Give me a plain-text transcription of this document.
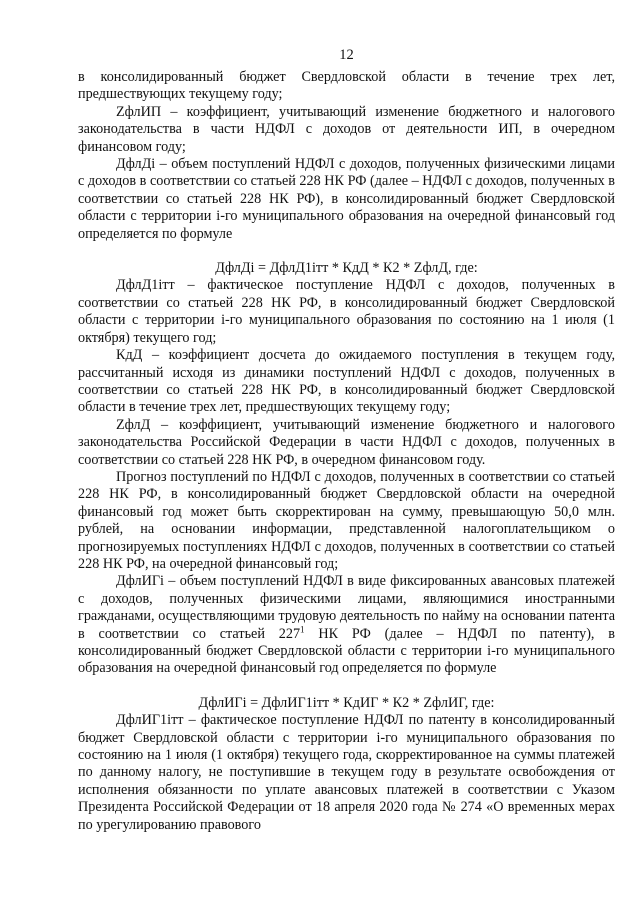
12

в консолидированный бюджет Свердловской области в течение трех лет, предшествующих текущему году;

ZфлИП – коэффициент, учитывающий изменение бюджетного и налогового законодательства в части НДФЛ с доходов от деятельности ИП, в очередном финансовом году;

ДфлДi – объем поступлений НДФЛ с доходов, полученных физическими лицами с доходов в соответствии со статьей 228 НК РФ (далее – НДФЛ с доходов, полученных в соответствии со статьей 228 НК РФ), в консолидированный бюджет Свердловской области с территории i-го муниципального образования на очередной финансовый год определяется по формуле

ДфлДi = ДфлД1iтт * КдД * К2 * ZфлД, где:

ДфлД1iтт – фактическое поступление НДФЛ с доходов, полученных в соответствии со статьей 228 НК РФ, в консолидированный бюджет Свердловской области с территории i-го муниципального образования по состоянию на 1 июля (1 октября) текущего год;

КдД – коэффициент досчета до ожидаемого поступления в текущем году, рассчитанный исходя из динамики поступлений НДФЛ с доходов, полученных в соответствии со статьей 228 НК РФ, в консолидированный бюджет Свердловской области в течение трех лет, предшествующих текущему году;

ZфлД – коэффициент, учитывающий изменение бюджетного и налогового законодательства Российской Федерации в части НДФЛ с доходов, полученных в соответствии со статьей 228 НК РФ, в очередном финансовом году.

Прогноз поступлений по НДФЛ с доходов, полученных в соответствии со статьей 228 НК РФ, в консолидированный бюджет Свердловской области на очередной финансовый год может быть скорректирован на сумму, превышающую 50,0 млн. рублей, на основании информации, представленной налогоплательщиком о прогнозируемых поступлениях НДФЛ с доходов, полученных в соответствии со статьей 228 НК РФ, на очередной финансовый год;

ДфлИГi – объем поступлений НДФЛ в виде фиксированных авансовых платежей с доходов, полученных физическими лицами, являющимися иностранными гражданами, осуществляющими трудовую деятельность по найму на основании патента в соответствии со статьей $227^1$ НК РФ (далее – НДФЛ по патенту), в консолидированный бюджет Свердловской области с территории i-го муниципального образования на очередной финансовый год определяется по формуле

ДфлИГi = ДфлИГ1iтт * КдИГ * К2 * ZфлИГ, где:

ДфлИГ1iтт – фактическое поступление НДФЛ по патенту в консолидированный бюджет Свердловской области с территории i-го муниципального образования по состоянию на 1 июля (1 октября) текущего года, скорректированное на суммы платежей по данному налогу, не поступившие в текущем году в результате освобождения от исполнения обязанности по уплате авансовых платежей в соответствии с Указом Президента Российской Федерации от 18 апреля 2020 года № 274 «О временных мерах по урегулированию правового
